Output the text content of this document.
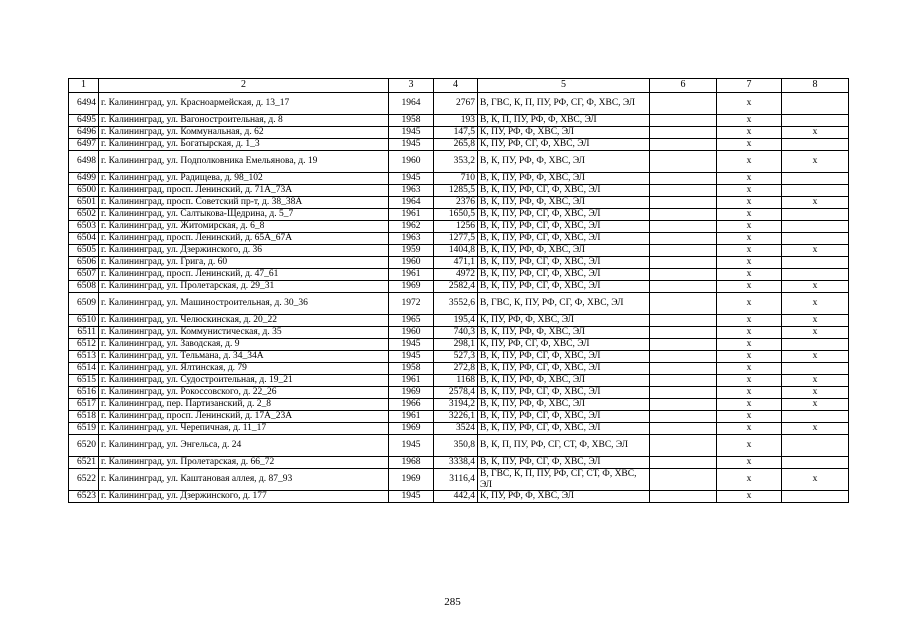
1	2	3	4	5	6	7	8
6494	г. Калининград, ул. Красноармейская, д. 13_17	1964	2767	В, ГВС, К, П, ПУ, РФ, СГ, Ф, ХВС, ЭЛ		х	
6495	г. Калининград, ул. Вагоностроительная, д. 8	1958	193	В, К, П, ПУ, РФ, Ф, ХВС, ЭЛ		х	
6496	г. Калининград, ул. Коммунальная, д. 62	1945	147,5	К, ПУ, РФ, Ф, ХВС, ЭЛ		х	х
6497	г. Калининград, ул. Богатырская, д. 1_3	1945	265,8	К, ПУ, РФ, СГ, Ф, ХВС, ЭЛ		х	
6498	г. Калининград, ул. Подполковника Емельянова, д. 19	1960	353,2	В, К, ПУ, РФ, Ф, ХВС, ЭЛ		х	х
6499	г. Калининград, ул. Радищева, д. 98_102	1945	710	В, К, ПУ, РФ, Ф, ХВС, ЭЛ		х	
6500	г. Калининград, просп. Ленинский, д. 71А_73А	1963	1285,5	В, К, ПУ, РФ, СГ, Ф, ХВС, ЭЛ		х	
6501	г. Калининград, просп. Советский пр-т, д. 38_38А	1964	2376	В, К, ПУ, РФ, Ф, ХВС, ЭЛ		х	х
6502	г. Калининград, ул. Салтыкова-Щедрина, д. 5_7	1961	1650,5	В, К, ПУ, РФ, СГ, Ф, ХВС, ЭЛ		х	
6503	г. Калининград, ул. Житомирская, д. 6_8	1962	1256	В, К, ПУ, РФ, СГ, Ф, ХВС, ЭЛ		х	
6504	г. Калининград, просп. Ленинский, д. 65А_67А	1963	1277,5	В, К, ПУ, РФ, СГ, Ф, ХВС, ЭЛ		х	
6505	г. Калининград, ул. Дзержинского, д. 36	1959	1404,8	В, К, ПУ, РФ, Ф, ХВС, ЭЛ		х	х
6506	г. Калининград, ул. Грига, д. 60	1960	471,1	В, К, ПУ, РФ, СГ, Ф, ХВС, ЭЛ		х	
6507	г. Калининград, просп. Ленинский, д. 47_61	1961	4972	В, К, ПУ, РФ, СГ, Ф, ХВС, ЭЛ		х	
6508	г. Калининград, ул. Пролетарская, д. 29_31	1969	2582,4	В, К, ПУ, РФ, СГ, Ф, ХВС, ЭЛ		х	х
6509	г. Калининград, ул. Машиностроительная, д. 30_36	1972	3552,6	В, ГВС, К, ПУ, РФ, СГ, Ф, ХВС, ЭЛ		х	х
6510	г. Калининград, ул. Челюскинская, д. 20_22	1965	195,4	К, ПУ, РФ, Ф, ХВС, ЭЛ		х	х
6511	г. Калининград, ул. Коммунистическая, д. 35	1960	740,3	В, К, ПУ, РФ, Ф, ХВС, ЭЛ		х	х
6512	г. Калининград, ул. Заводская, д. 9	1945	298,1	К, ПУ, РФ, СГ, Ф, ХВС, ЭЛ		х	
6513	г. Калининград, ул. Тельмана, д. 34_34А	1945	527,3	В, К, ПУ, РФ, СГ, Ф, ХВС, ЭЛ		х	х
6514	г. Калининград, ул. Ялтинская, д. 79	1958	272,8	В, К, ПУ, РФ, СГ, Ф, ХВС, ЭЛ		х	
6515	г. Калининград, ул. Судостроительная, д. 19_21	1961	1168	В, К, ПУ, РФ, Ф, ХВС, ЭЛ		х	х
6516	г. Калининград, ул. Рокоссовского, д. 22_26	1969	2578,4	В, К, ПУ, РФ, СГ, Ф, ХВС, ЭЛ		х	х
6517	г. Калининград, пер. Партизанский, д. 2_8	1966	3194,2	В, К, ПУ, РФ, Ф, ХВС, ЭЛ		х	х
6518	г. Калининград, просп. Ленинский, д. 17А_23А	1961	3226,1	В, К, ПУ, РФ, СГ, Ф, ХВС, ЭЛ		х	
6519	г. Калининград, ул. Черепичная, д. 11_17	1969	3524	В, К, ПУ, РФ, СГ, Ф, ХВС, ЭЛ		х	х
6520	г. Калининград, ул. Энгельса, д. 24	1945	350,8	В, К, П, ПУ, РФ, СГ, СТ, Ф, ХВС, ЭЛ		х	
6521	г. Калининград, ул. Пролетарская, д. 66_72	1968	3338,4	В, К, ПУ, РФ, СГ, Ф, ХВС, ЭЛ		х	
6522	г. Калининград, ул. Каштановая аллея, д. 87_93	1969	3116,4	В, ГВС, К, П, ПУ, РФ, СГ, СТ, Ф, ХВС, ЭЛ		х	х
6523	г. Калининград, ул. Дзержинского, д. 177	1945	442,4	К, ПУ, РФ, Ф, ХВС, ЭЛ		х	
285
